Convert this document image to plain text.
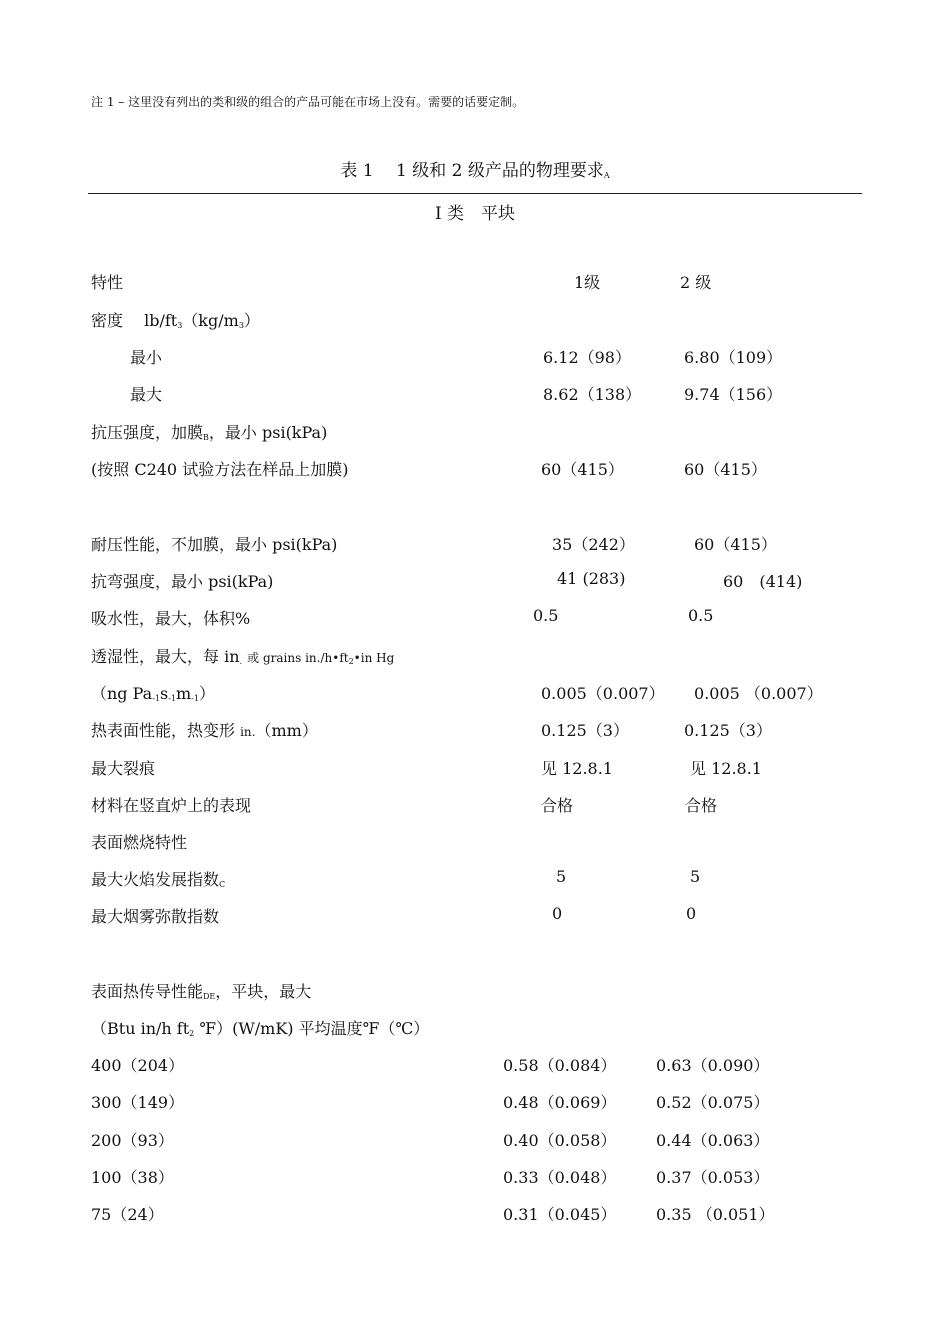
注 1 – 这里没有列出的类和级的组合的产品可能在市场上没有。需要的话要定制。
表 1　 1 级和 2 级产品的物理要求$_A$
I 类　平块
特性	1级	2 级
密度　 $lb/ft_3(kg/m_3)$
最小	6.12（98）	6.80（109）
最大	8.62（138）	9.74（156）
抗压强度，加膜$_B$，最小 psi(kPa)
(按照 C240 试验方法在样品上加膜)	60（415）	60（415）
耐压性能，不加膜，最小 psi(kPa)	35（242）	60（415）
抗弯强度，最小 psi(kPa)	41 (283)	60　(414)
吸水性，最大，体积%	0.5	0.5
透湿性，最大，每 $in_.$ 或 grains $in./h•ft_2•in$ Hg
（ng $Pa_{-1}s_{-1}m_{-1}$）	0.005（0.007） 0.005 （0.007）
热表面性能，热变形 in.（mm）	0.125（3）	0.125（3）
最大裂痕	见 12.8.1	见 12.8.1
材料在竖直炉上的表现	合格	合格
表面燃烧特性
最大火焰发展指数$_C$	5	5
最大烟雾弥散指数	0	0
表面热传导性能$_{DE}$，平块，最大
（Btu in/h $ft_2$ ℉）(W/mK) 平均温度℉（℃）
400（204）	0.58（0.084） 0.63（0.090）
300（149）	0.48（0.069） 0.52（0.075）
200（93）	0.40（0.058） 0.44（0.063）
100（38）	0.33（0.048） 0.37（0.053）
75（24）	0.31（0.045） 0.35 （0.051）
